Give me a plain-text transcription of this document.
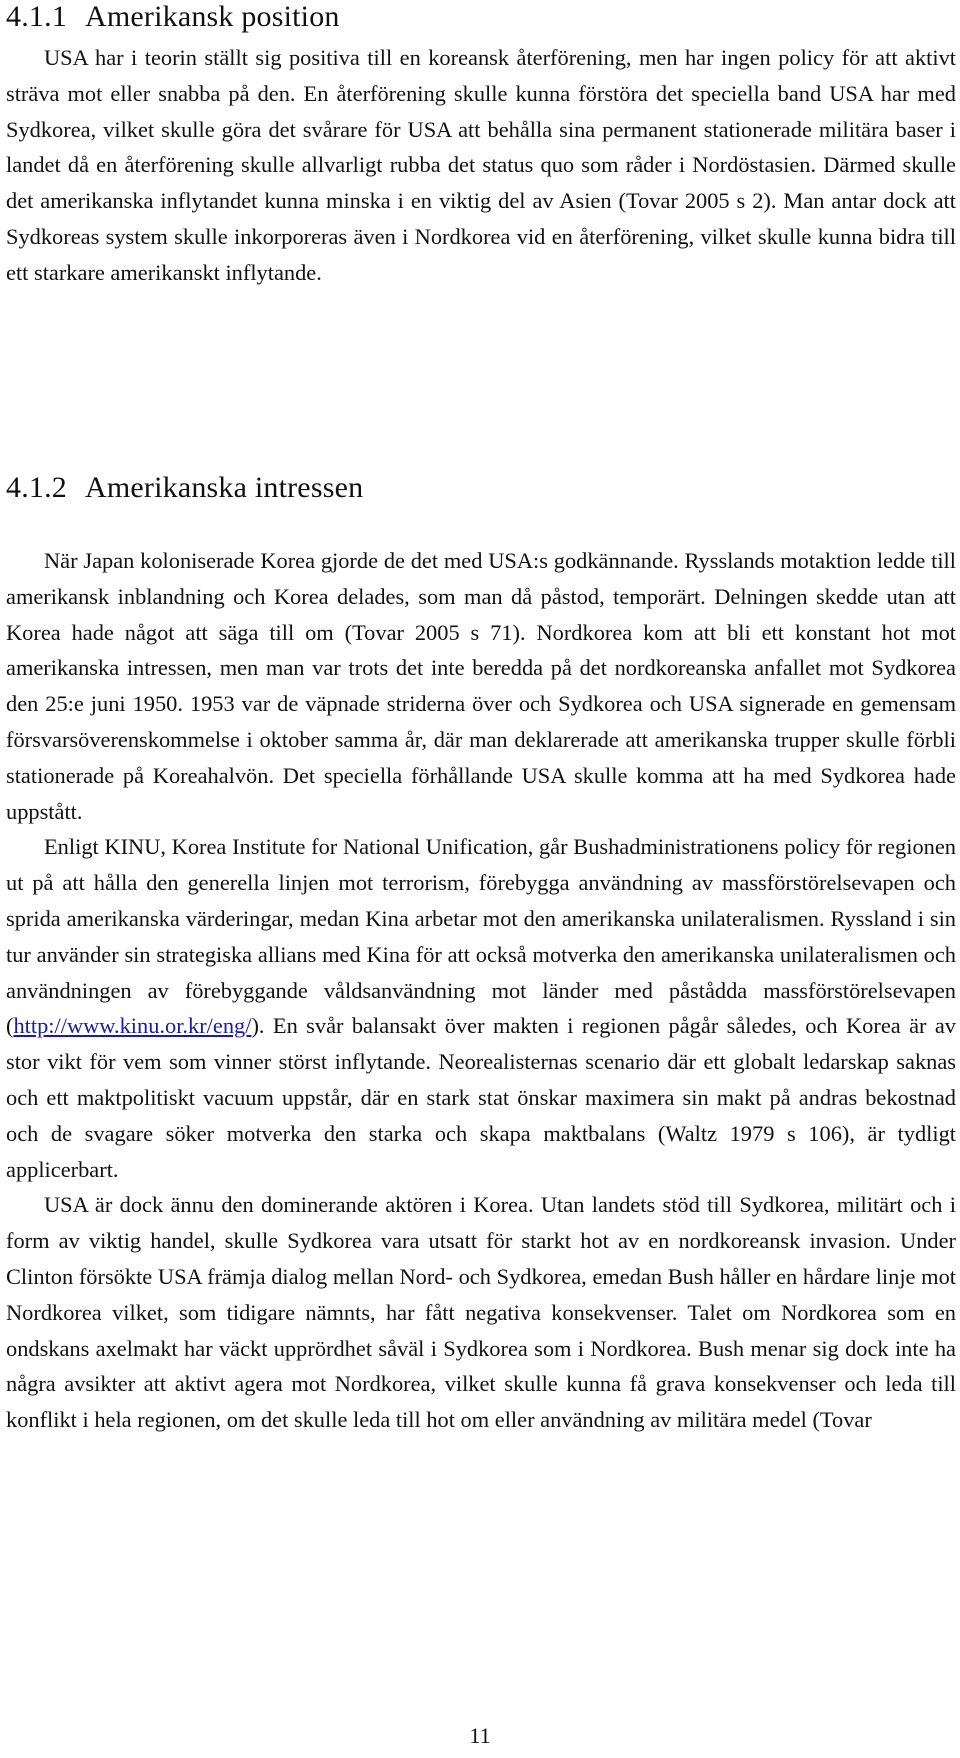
4.1.1 Amerikansk position

USA har i teorin ställt sig positiva till en koreansk återförening, men har ingen policy för att aktivt sträva mot eller snabba på den. En återförening skulle kunna förstöra det speciella band USA har med Sydkorea, vilket skulle göra det svårare för USA att behålla sina permanent stationerade militära baser i landet då en återförening skulle allvarligt rubba det status quo som råder i Nordöstasien. Därmed skulle det amerikanska inflytandet kunna minska i en viktig del av Asien (Tovar 2005 s 2). Man antar dock att Sydkoreas system skulle inkorporeras även i Nordkorea vid en återförening, vilket skulle kunna bidra till ett starkare amerikanskt inflytande.

4.1.2 Amerikanska intressen

När Japan koloniserade Korea gjorde de det med USA:s godkännande. Rysslands motaktion ledde till amerikansk inblandning och Korea delades, som man då påstod, temporärt. Delningen skedde utan att Korea hade något att säga till om (Tovar 2005 s 71). Nordkorea kom att bli ett konstant hot mot amerikanska intressen, men man var trots det inte beredda på det nordkoreanska anfallet mot Sydkorea den 25:e juni 1950. 1953 var de väpnade striderna över och Sydkorea och USA signerade en gemensam försvarsöverenskommelse i oktober samma år, där man deklarerade att amerikanska trupper skulle förbli stationerade på Koreahalvön. Det speciella förhållande USA skulle komma att ha med Sydkorea hade uppstått.

Enligt KINU, Korea Institute for National Unification, går Bushadministrationens policy för regionen ut på att hålla den generella linjen mot terrorism, förebygga användning av massförstörelsevapen och sprida amerikanska värderingar, medan Kina arbetar mot den amerikanska unilateralismen. Ryssland i sin tur använder sin strategiska allians med Kina för att också motverka den amerikanska unilateralismen och användningen av förebyggande våldsanvändning mot länder med påstådda massförstörelsevapen (http://www.kinu.or.kr/eng/). En svår balansakt över makten i regionen pågår således, och Korea är av stor vikt för vem som vinner störst inflytande. Neorealisternas scenario där ett globalt ledarskap saknas och ett maktpolitiskt vacuum uppstår, där en stark stat önskar maximera sin makt på andras bekostnad och de svagare söker motverka den starka och skapa maktbalans (Waltz 1979 s 106), är tydligt applicerbart.

USA är dock ännu den dominerande aktören i Korea. Utan landets stöd till Sydkorea, militärt och i form av viktig handel, skulle Sydkorea vara utsatt för starkt hot av en nordkoreansk invasion. Under Clinton försökte USA främja dialog mellan Nord- och Sydkorea, emedan Bush håller en hårdare linje mot Nordkorea vilket, som tidigare nämnts, har fått negativa konsekvenser. Talet om Nordkorea som en ondskans axelmakt har väckt upprördhet såväl i Sydkorea som i Nordkorea. Bush menar sig dock inte ha några avsikter att aktivt agera mot Nordkorea, vilket skulle kunna få grava konsekvenser och leda till konflikt i hela regionen, om det skulle leda till hot om eller användning av militära medel (Tovar

11
